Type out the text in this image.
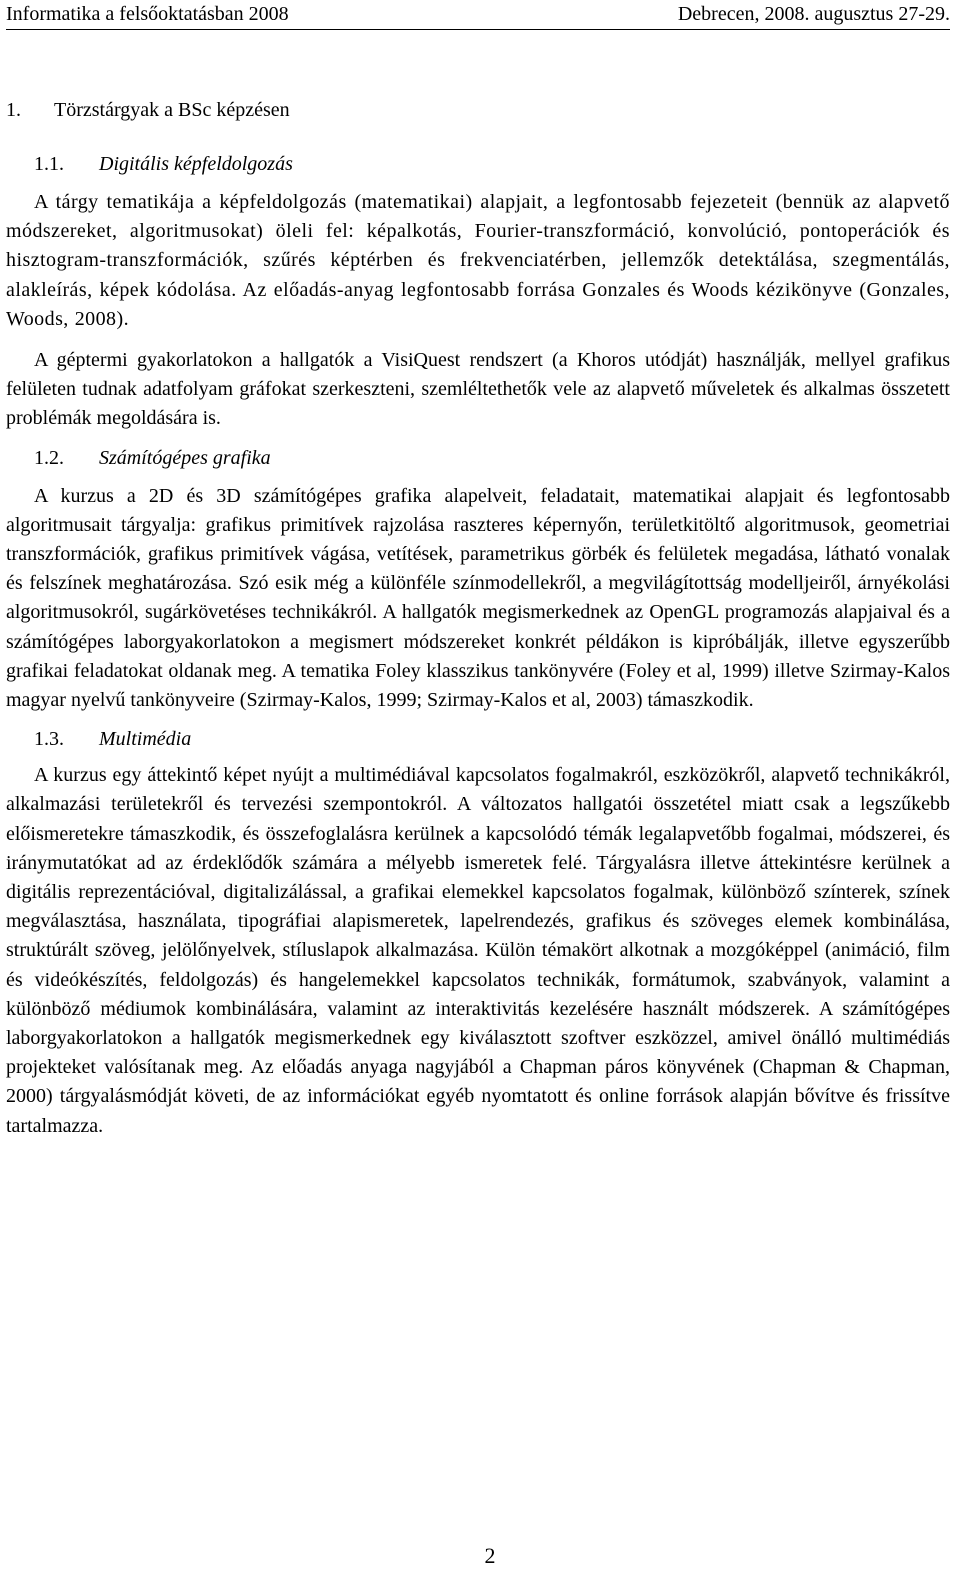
Informatika a felsőoktatásban 2008	Debrecen, 2008. augusztus 27-29.
1.	Törzstárgyak a BSc képzésen
1.1.	Digitális képfeldolgozás

A tárgy tematikája a képfeldolgozás (matematikai) alapjait, a legfontosabb fejezeteit (bennük az alapvető módszereket, algoritmusokat) öleli fel: képalkotás, Fourier-transzformáció, konvolúció, pontoperációk és hisztogram-transzformációk, szűrés képtérben és frekvenciatérben, jellemzők detektálása, szegmentálás, alakleírás, képek kódolása. Az előadás-anyag legfontosabb forrása Gonzales és Woods kézikönyve (Gonzales, Woods, 2008).

A géptermi gyakorlatokon a hallgatók a VisiQuest rendszert (a Khoros utódját) használják, mellyel grafikus felületen tudnak adatfolyam gráfokat szerkeszteni, szemléltethetők vele az alapvető műveletek és alkalmas összetett problémák megoldására is.

1.2.	Számítógépes grafika

A kurzus a 2D és 3D számítógépes grafika alapelveit, feladatait, matematikai alapjait és legfontosabb algoritmusait tárgyalja: grafikus primitívek rajzolása raszteres képernyőn, területkitöltő algoritmusok, geometriai transzformációk, grafikus primitívek vágása, vetítések, parametrikus görbék és felületek megadása, látható vonalak és felszínek meghatározása. Szó esik még a különféle színmodellekről, a megvilágítottság modelljeiről, árnyékolási algoritmusokról, sugárkövetéses technikákról. A hallgatók megismerkednek az OpenGL programozás alapjaival és a számítógépes laborgyakorlatokon a megismert módszereket konkrét példákon is kipróbálják, illetve egyszerűbb grafikai feladatokat oldanak meg. A tematika Foley klasszikus tankönyvére (Foley et al, 1999) illetve Szirmay-Kalos magyar nyelvű tankönyveire (Szirmay-Kalos, 1999; Szirmay-Kalos et al, 2003) támaszkodik.

1.3.	Multimédia

A kurzus egy áttekintő képet nyújt a multimédiával kapcsolatos fogalmakról, eszközökről, alapvető technikákról, alkalmazási területekről és tervezési szempontokról. A változatos hallgatói összetétel miatt csak a legszűkebb előismeretekre támaszkodik, és összefoglalásra kerülnek a kapcsolódó témák legalapvetőbb fogalmai, módszerei, és iránymutatókat ad az érdeklődők számára a mélyebb ismeretek felé. Tárgyalásra illetve áttekintésre kerülnek a digitális reprezentációval, digitalizálással, a grafikai elemekkel kapcsolatos fogalmak, különböző színterek, színek megválasztása, használata, tipográfiai alapismeretek, lapelrendezés, grafikus és szöveges elemek kombinálása, struktúrált szöveg, jelölőnyelvek, stíluslapok alkalmazása. Külön témakört alkotnak a mozgóképpel (animáció, film és videókészítés, feldolgozás) és hangelemekkel kapcsolatos technikák, formátumok, szabványok, valamint a különböző médiumok kombinálására, valamint az interaktivitás kezelésére használt módszerek. A számítógépes laborgyakorlatokon a hallgatók megismerkednek egy kiválasztott szoftver eszközzel, amivel önálló multimédiás projekteket valósítanak meg. Az előadás anyaga nagyjából a Chapman páros könyvének (Chapman & Chapman, 2000) tárgyalásmódját követi, de az információkat egyéb nyomtatott és online források alapján bővítve és frissítve tartalmazza.

2
